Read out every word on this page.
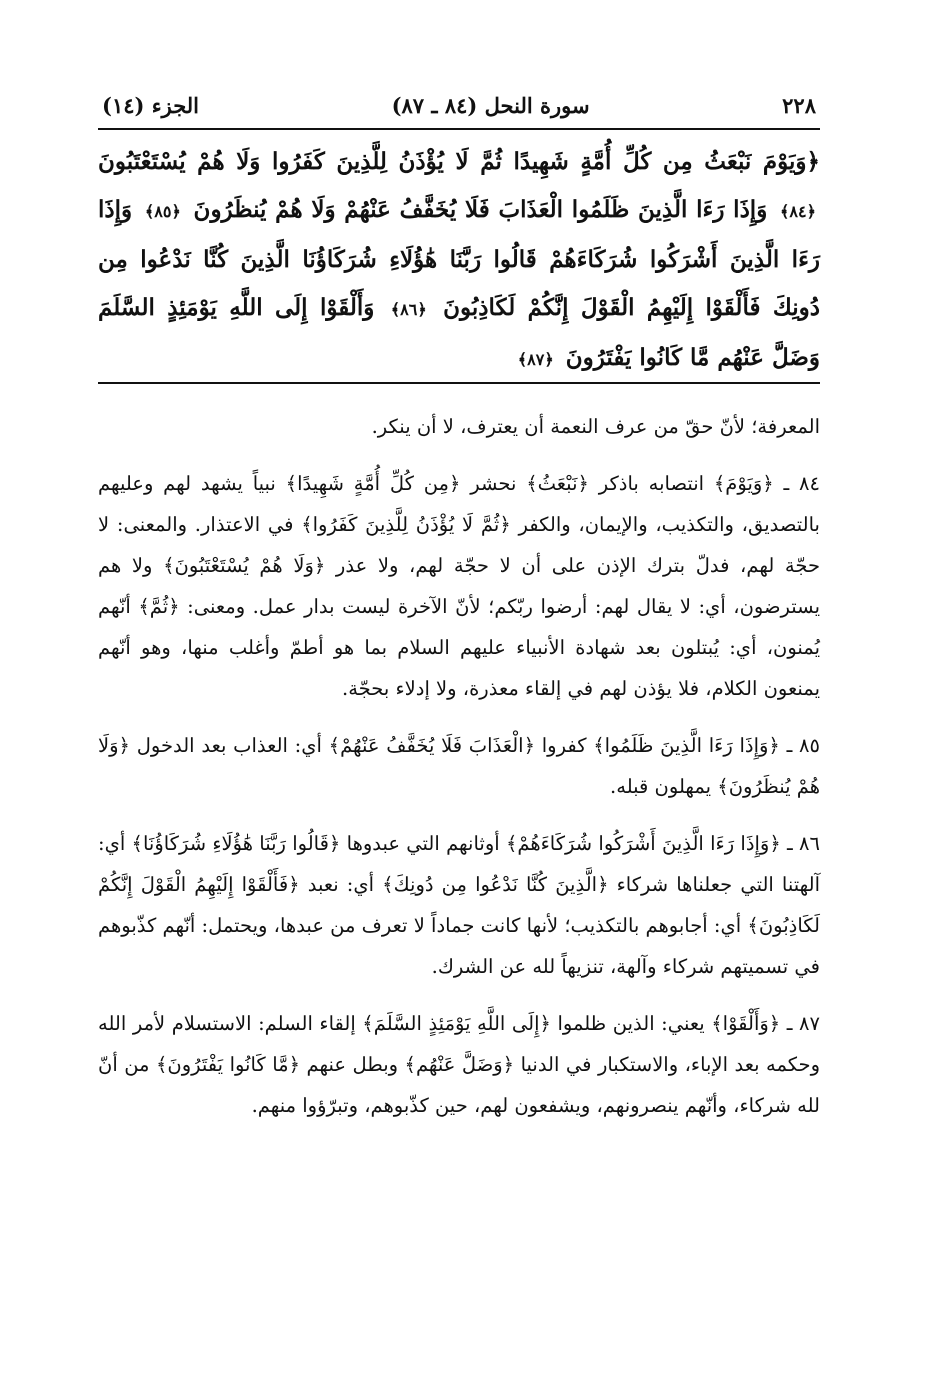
٢٢٨
سورة النحل (٨٤ ـ ٨٧)
الجزء (١٤)
﴿وَيَوْمَ نَبْعَثُ مِن كُلِّ أُمَّةٍ شَهِيدًا ثُمَّ لَا يُؤْذَنُ لِلَّذِينَ كَفَرُوا وَلَا هُمْ يُسْتَعْتَبُونَ ﴿٨٤﴾ وَإِذَا رَءَا الَّذِينَ ظَلَمُوا الْعَذَابَ فَلَا يُخَفَّفُ عَنْهُمْ وَلَا هُمْ يُنظَرُونَ ﴿٨٥﴾ وَإِذَا رَءَا الَّذِينَ أَشْرَكُوا شُرَكَاءَهُمْ قَالُوا رَبَّنَا هَٰؤُلَاءِ شُرَكَاؤُنَا الَّذِينَ كُنَّا نَدْعُوا مِن دُونِكَ فَأَلْقَوْا إِلَيْهِمُ الْقَوْلَ إِنَّكُمْ لَكَاذِبُونَ ﴿٨٦﴾ وَأَلْقَوْا إِلَى اللَّهِ يَوْمَئِذٍ السَّلَمَ وَضَلَّ عَنْهُم مَّا كَانُوا يَفْتَرُونَ ﴿٨٧﴾

المعرفة؛ لأنّ حقّ من عرف النعمة أن يعترف، لا أن ينكر.

٨٤ ـ ﴿وَيَوْمَ﴾ انتصابه باذكر ﴿نَبْعَثُ﴾ نحشر ﴿مِن كُلِّ أُمَّةٍ شَهِيدًا﴾ نبياً يشهد لهم وعليهم بالتصديق، والتكذيب، والإيمان، والكفر ﴿ثُمَّ لَا يُؤْذَنُ لِلَّذِينَ كَفَرُوا﴾ في الاعتذار. والمعنى: لا حجّة لهم، فدلّ بترك الإذن على أن لا حجّة لهم، ولا عذر ﴿وَلَا هُمْ يُسْتَعْتَبُونَ﴾ ولا هم يسترضون، أي: لا يقال لهم: أرضوا ربّكم؛ لأنّ الآخرة ليست بدار عمل. ومعنى: ﴿ثُمَّ﴾ أنّهم يُمنون، أي: يُبتلون بعد شهادة الأنبياء عليهم السلام بما هو أطمّ وأغلب منها، وهو أنّهم يمنعون الكلام، فلا يؤذن لهم في إلقاء معذرة، ولا إدلاء بحجّة.

٨٥ ـ ﴿وَإِذَا رَءَا الَّذِينَ ظَلَمُوا﴾ كفروا ﴿الْعَذَابَ فَلَا يُخَفَّفُ عَنْهُمْ﴾ أي: العذاب بعد الدخول ﴿وَلَا هُمْ يُنظَرُونَ﴾ يمهلون قبله.

٨٦ ـ ﴿وَإِذَا رَءَا الَّذِينَ أَشْرَكُوا شُرَكَاءَهُمْ﴾ أوثانهم التي عبدوها ﴿قَالُوا رَبَّنَا هَٰؤُلَاءِ شُرَكَاؤُنَا﴾ أي: آلهتنا التي جعلناها شركاء ﴿الَّذِينَ كُنَّا نَدْعُوا مِن دُونِكَ﴾ أي: نعبد ﴿فَأَلْقَوْا إِلَيْهِمُ الْقَوْلَ إِنَّكُمْ لَكَاذِبُونَ﴾ أي: أجابوهم بالتكذيب؛ لأنها كانت جماداً لا تعرف من عبدها، ويحتمل: أنّهم كذّبوهم في تسميتهم شركاء وآلهة، تنزيهاً لله عن الشرك.

٨٧ ـ ﴿وَأَلْقَوْا﴾ يعني: الذين ظلموا ﴿إِلَى اللَّهِ يَوْمَئِذٍ السَّلَمَ﴾ إلقاء السلم: الاستسلام لأمر الله وحكمه بعد الإباء، والاستكبار في الدنيا ﴿وَضَلَّ عَنْهُم﴾ وبطل عنهم ﴿مَّا كَانُوا يَفْتَرُونَ﴾ من أنّ لله شركاء، وأنّهم ينصرونهم، ويشفعون لهم، حين كذّبوهم، وتبرّؤوا منهم.
